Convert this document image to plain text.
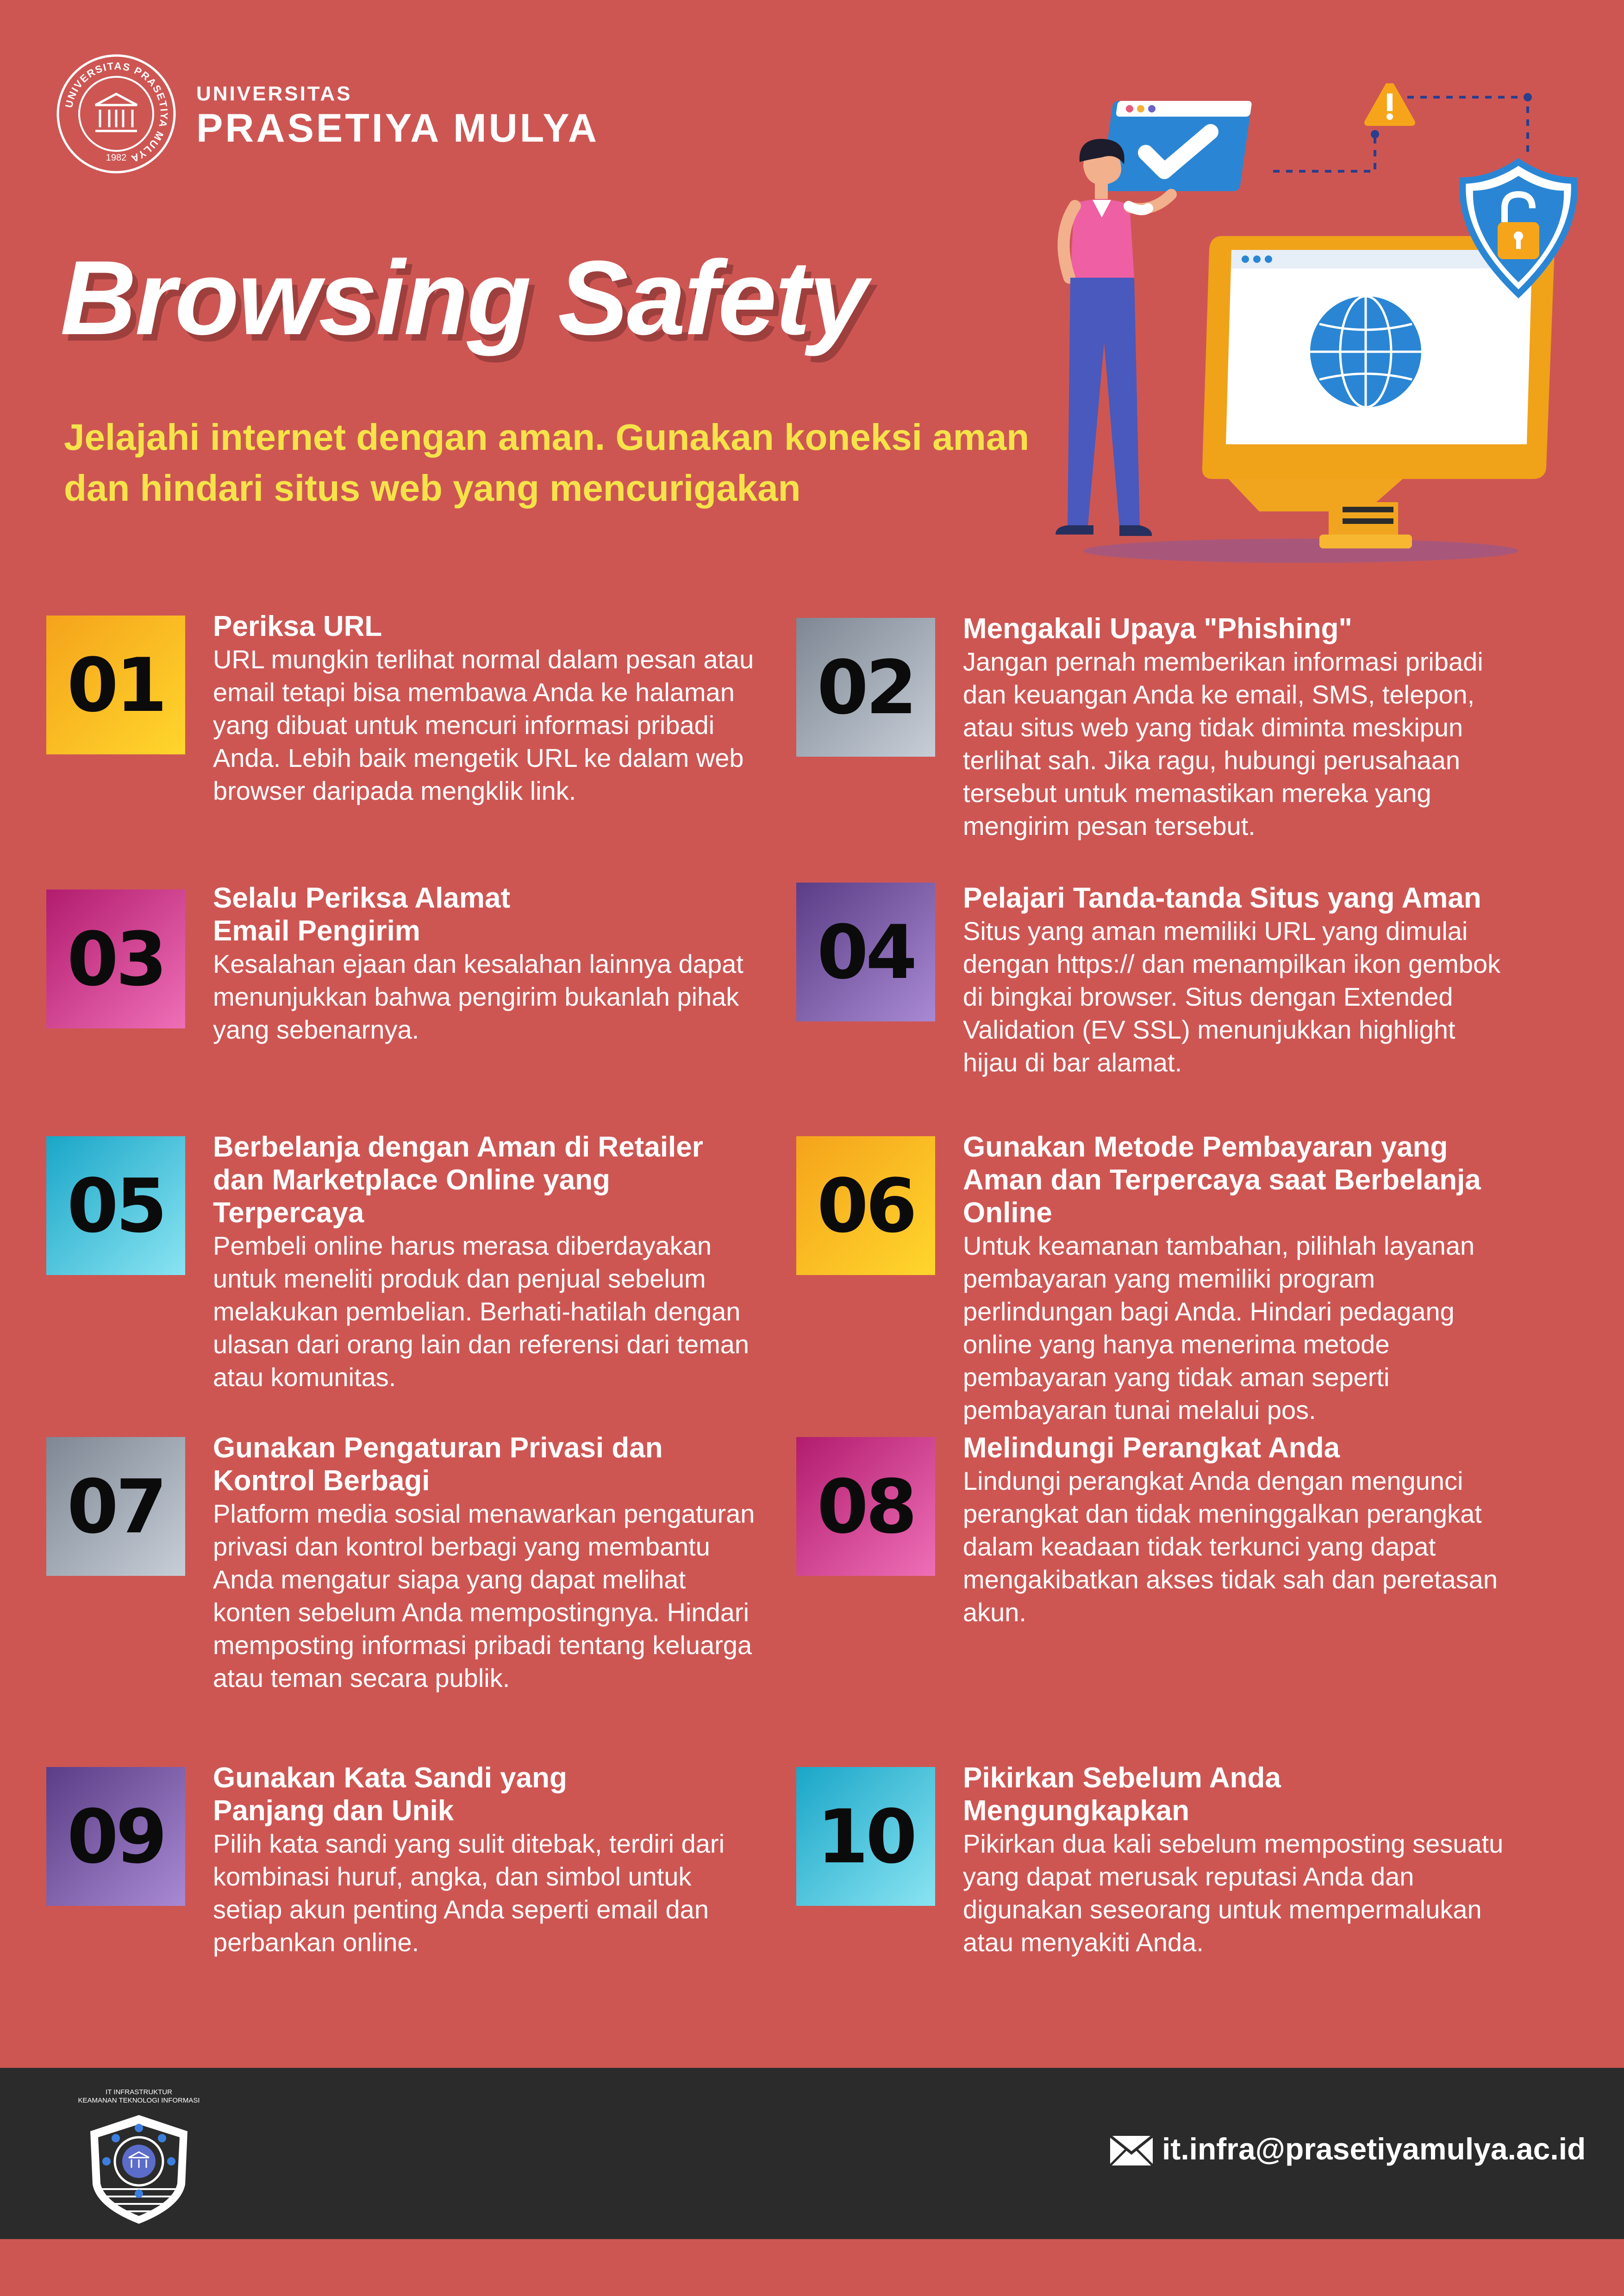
UNIVERSITAS PRASETIYA MULYA
1982
UNIVERSITAS
PRASETIYA MULYA
Browsing Safety
Jelajahi internet dengan aman. Gunakan koneksi aman dan hindari situs web yang mencurigakan
01

Periksa URL

URL mungkin terlihat normal dalam pesan atau email tetapi bisa membawa Anda ke halaman yang dibuat untuk mencuri informasi pribadi Anda. Lebih baik mengetik URL ke dalam web browser daripada mengklik link.

02

Mengakali Upaya "Phishing"

Jangan pernah memberikan informasi pribadi dan keuangan Anda ke email, SMS, telepon, atau situs web yang tidak diminta meskipun terlihat sah. Jika ragu, hubungi perusahaan tersebut untuk memastikan mereka yang mengirim pesan tersebut.

03

Selalu Periksa Alamat Email Pengirim

Kesalahan ejaan dan kesalahan lainnya dapat menunjukkan bahwa pengirim bukanlah pihak yang sebenarnya.

04

Pelajari Tanda-tanda Situs yang Aman

Situs yang aman memiliki URL yang dimulai dengan https:// dan menampilkan ikon gembok di bingkai browser. Situs dengan Extended Validation (EV SSL) menunjukkan highlight hijau di bar alamat.

05

Berbelanja dengan Aman di Retailer dan Marketplace Online yang Terpercaya

Pembeli online harus merasa diberdayakan untuk meneliti produk dan penjual sebelum melakukan pembelian. Berhati-hatilah dengan ulasan dari orang lain dan referensi dari teman atau komunitas.

06

Gunakan Metode Pembayaran yang Aman dan Terpercaya saat Berbelanja Online

Untuk keamanan tambahan, pilihlah layanan pembayaran yang memiliki program perlindungan bagi Anda. Hindari pedagang online yang hanya menerima metode pembayaran yang tidak aman seperti pembayaran tunai melalui pos.

07

Gunakan Pengaturan Privasi dan Kontrol Berbagi

Platform media sosial menawarkan pengaturan privasi dan kontrol berbagi yang membantu Anda mengatur siapa yang dapat melihat konten sebelum Anda mempostingnya. Hindari memposting informasi pribadi tentang keluarga atau teman secara publik.

08

Melindungi Perangkat Anda

Lindungi perangkat Anda dengan mengunci perangkat dan tidak meninggalkan perangkat dalam keadaan tidak terkunci yang dapat mengakibatkan akses tidak sah dan peretasan akun.

09

Gunakan Kata Sandi yang Panjang dan Unik

Pilih kata sandi yang sulit ditebak, terdiri dari kombinasi huruf, angka, dan simbol untuk setiap akun penting Anda seperti email dan perbankan online.

10

Pikirkan Sebelum Anda Mengungkapkan

Pikirkan dua kali sebelum memposting sesuatu yang dapat merusak reputasi Anda dan digunakan seseorang untuk mempermalukan atau menyakiti Anda.

IT INFRASTRUKTUR
KEAMANAN TEKNOLOGI INFORMASI
it.infra@prasetiyamulya.ac.id
